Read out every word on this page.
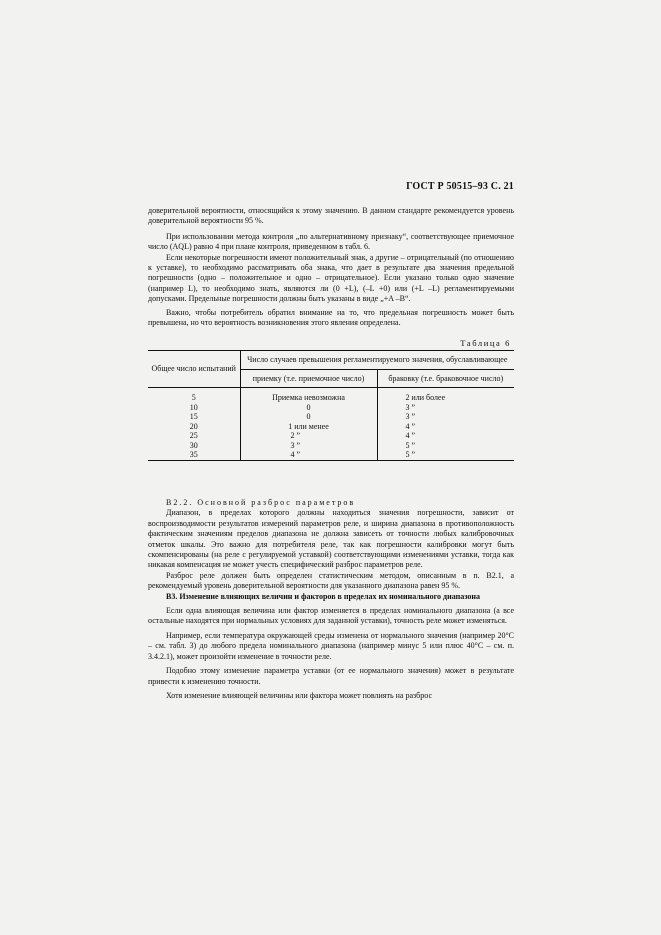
ГОСТ Р 50515–93 С. 21

доверительной вероятности, относящийся к этому значению. В данном стандарте рекомендуется уровень доверительной вероятности 95 %.

При использовании метода контроля „по альтернативному признаку“, соответствующее приемочное число (AQL) равно 4 при плане контроля, приведенном в табл. 6.

Если некоторые погрешности имеют положительный знак, а другие – отрицательный (по отношению к уставке), то необходимо рассматривать оба знака, что дает в результате два значения предельной погрешности (одно – положительное и одно – отрицательное). Если указано только одно значение (например L), то необходимо знать, являются ли (0 +L), (–L +0) или (+L –L) регламентируемыми допусками. Предельные погрешности должны быть указаны в виде „+A –B“.

Важно, чтобы потребитель обратил внимание на то, что предельная погрешность может быть превышена, но что вероятность возникновения этого явления определена.

Таблица 6
Общее число испытаний	Число случаев превышения регламентируемого значения, обуславливающее	
	приемку (т.е. приемочное число)	браковку (т.е. браковочное число)

5	Приемка невозможна	2 или более
10	0	3 ”
15	0	3 ”
20	1 или менее	4 ”
25	2 ”	4 ”
30	3 ”	5 ”
35	4 ”	5 ”

В2.2. Основной разброс параметров

Диапазон, в пределах которого должны находиться значения погрешности, зависит от воспроизводимости результатов измерений параметров реле, и ширина диапазона в противоположность фактическим значениям пределов диапазона не должна зависеть от точности любых калибровочных отметок шкалы. Это важно для потребителя реле, так как погрешности калибровки могут быть скомпенсированы (на реле с регулируемой уставкой) соответствующими изменениями уставки, тогда как никакая компенсация не может учесть специфический разброс параметров реле.

Разброс реле должен быть определен статистическим методом, описанным в п. В2.1, а рекомендуемый уровень доверительной вероятности для указанного диапазона равен 95 %.

В3. Изменение влияющих величин и факторов в пределах их номинального диапазона

Если одна влияющая величина или фактор изменяется в пределах номинального диапазона (а все остальные находятся при нормальных условиях для заданной уставки), точность реле может изменяться.

Например, если температура окружающей среды изменена от нормального значения (например 20°С – см. табл. 3) до любого предела номинального диапазона (например минус 5 или плюс 40°С – см. п. 3.4.2.1), может произойти изменение в точности реле.

Подобно этому изменение параметра уставки (от ее нормального значения) может в результате привести к изменению точности.

Хотя изменение влияющей величины или фактора может повлиять на разброс
